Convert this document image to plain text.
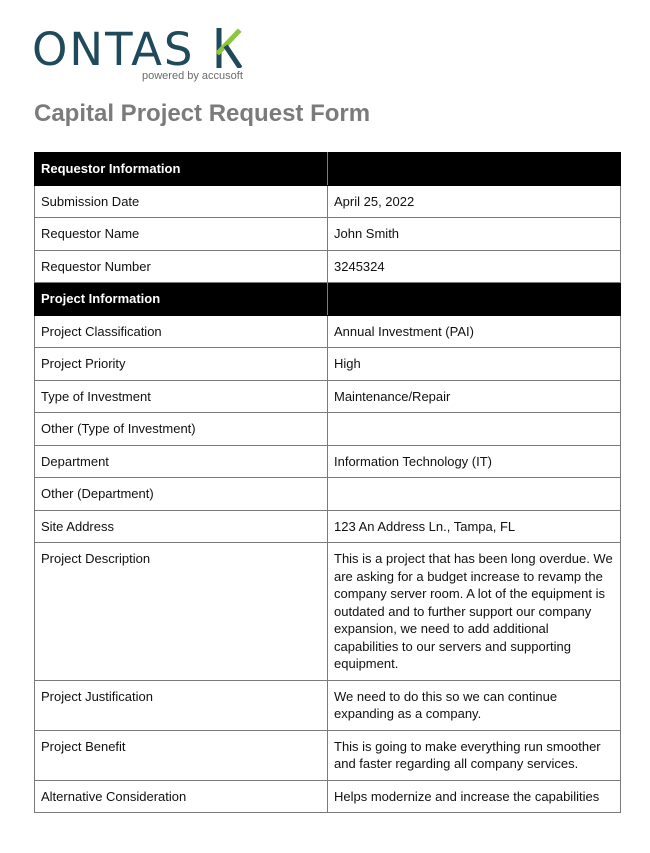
ONTAS
powered by accusoft
Capital Project Request Form
Requestor Information	
Submission Date	April 25, 2022
Requestor Name	John Smith
Requestor Number	3245324
Project Information	
Project Classification	Annual Investment (PAI)
Project Priority	High
Type of Investment	Maintenance/Repair
Other (Type of Investment)	
Department	Information Technology (IT)
Other (Department)	
Site Address	123 An Address Ln., Tampa, FL
Project Description	This is a project that has been long overdue. We are asking for a budget increase to revamp the company server room. A lot of the equipment is outdated and to further support our company expansion, we need to add additional capabilities to our servers and supporting equipment.
Project Justification	We need to do this so we can continue expanding as a company.
Project Benefit	This is going to make everything run smoother and faster regarding all company services.
Alternative Consideration	Helps modernize and increase the capabilities
